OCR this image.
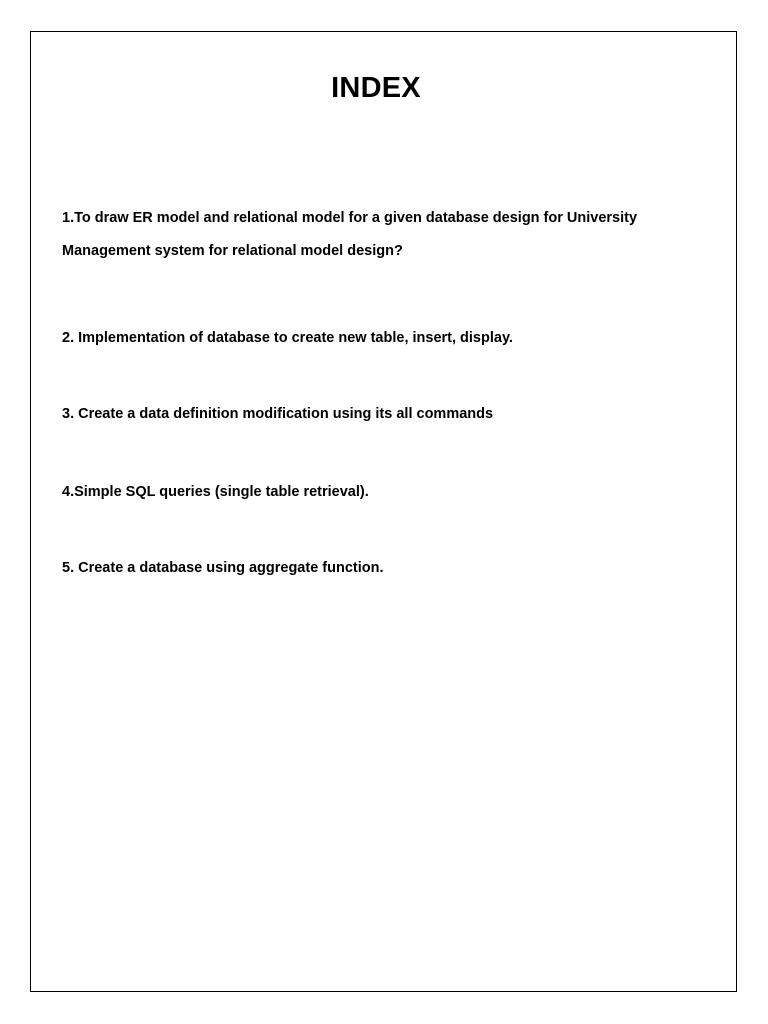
INDEX
1.To draw ER model and relational model for a given database design for University
Management system for relational model design?
2. Implementation of database to create new table, insert, display.
3. Create a data definition modification using its all commands
4.Simple SQL queries (single table retrieval).
5. Create a database using aggregate function.
